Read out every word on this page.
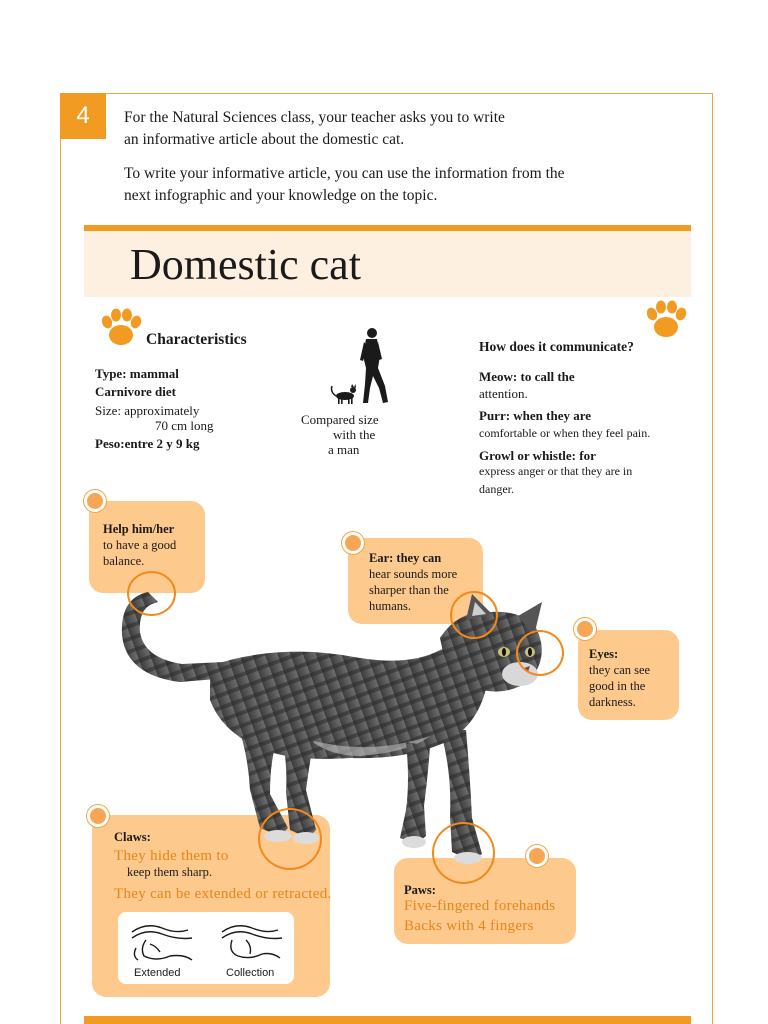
4	For the Natural Sciences class, your teacher asks you to write
an informative article about the domestic cat.
To write your informative article, you can use the information from the
next infographic and your knowledge on the topic.
Domestic cat
Characteristics
Type: mammal
Carnivore diet
Size: approximately
70 cm long
Peso:entre 2 y 9 kg
Compared size
with the
a man
How does it communicate?
Meow: to call the
attention.
Purr: when they are
comfortable or when they feel pain.
Growl or whistle: for
express anger or that they are in
danger.
Help him/her
to have a good
balance.	Ear: they can
hear sounds more
sharper than the
humans.
Eyes:
they can see
good in the
darkness.
Claws:
They hide them to
keep them sharp.
They can be extended or retracted.
Extended	Collection
Paws:
Five-fingered forehands
Backs with 4 fingers
